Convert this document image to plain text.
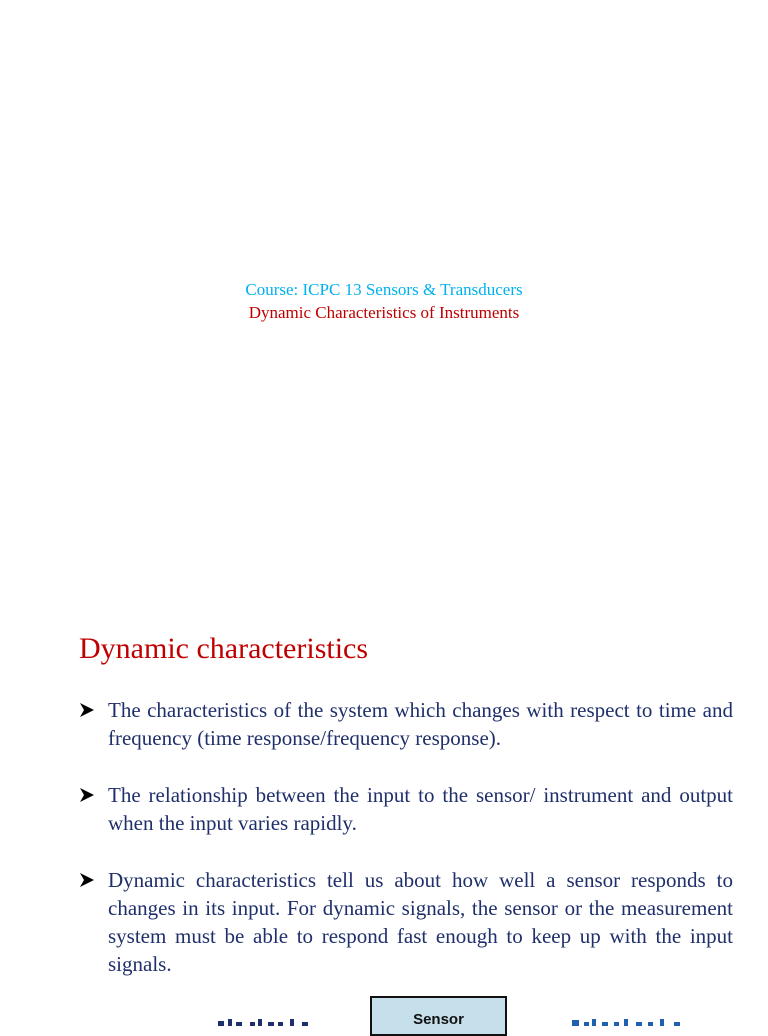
Course: ICPC 13 Sensors & Transducers
Dynamic Characteristics of Instruments
Dynamic characteristics
The characteristics of the system which changes with respect to time and frequency (time response/frequency response).
The relationship between the input to the sensor/ instrument and output when the input varies rapidly.
Dynamic characteristics tell us about how well a sensor responds to changes in its input. For dynamic signals, the sensor or the measurement system must be able to respond fast enough to keep up with the input signals.
Sensor
